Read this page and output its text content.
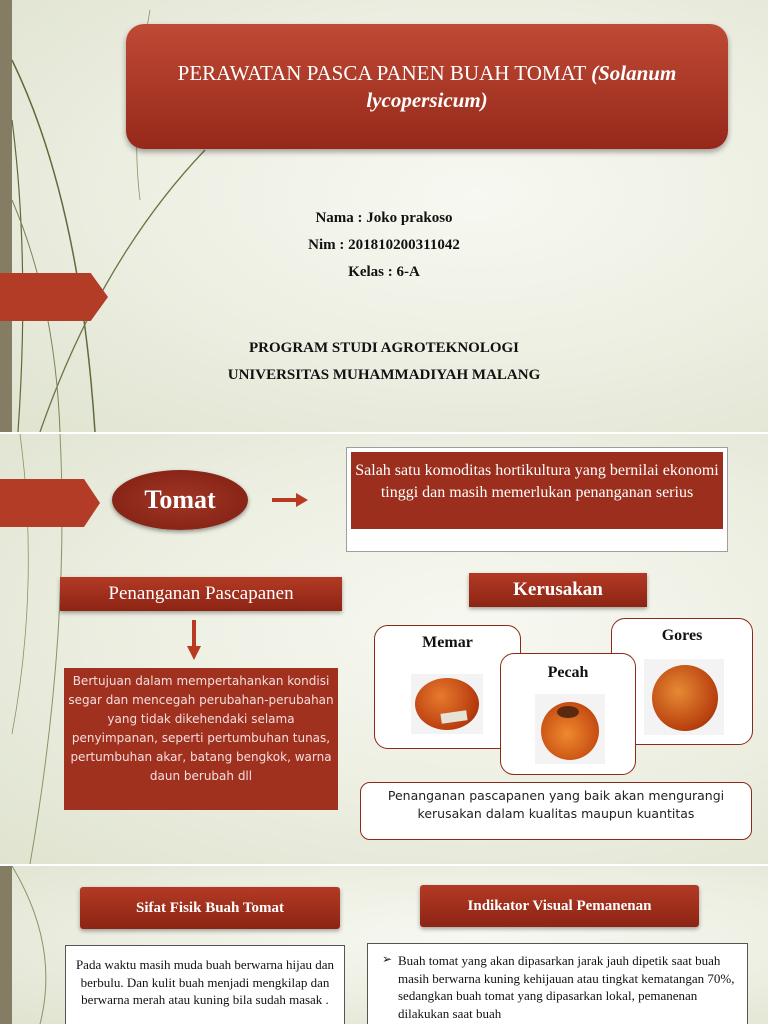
PERAWATAN PASCA PANEN BUAH TOMAT (Solanum lycopersicum)
Nama : Joko prakoso
Nim : 201810200311042
Kelas : 6-A
PROGRAM STUDI AGROTEKNOLOGI
UNIVERSITAS MUHAMMADIYAH MALANG
Tomat
Salah satu komoditas hortikultura yang bernilai ekonomi tinggi dan masih memerlukan penanganan serius
Penanganan Pascapanen	Kerusakan
Bertujuan dalam mempertahankan kondisi segar dan mencegah perubahan-perubahan yang tidak dikehendaki selama penyimpanan, seperti pertumbuhan tunas, pertumbuhan akar, batang bengkok, warna daun berubah dll
Memar	Gores
Pecah
Penanganan pascapanen yang baik akan mengurangi kerusakan dalam kualitas maupun kuantitas
Sifat Fisik Buah Tomat	Indikator Visual Pemanenan
Pada waktu masih muda buah berwarna hijau dan berbulu. Dan kulit buah menjadi mengkilap dan berwarna merah atau kuning bila sudah masak .
➢ Buah tomat yang akan dipasarkan jarak jauh dipetik saat buah masih berwarna kuning kehijauan atau tingkat kematangan 70%, sedangkan buah tomat yang dipasarkan lokal, pemanenan dilakukan saat buah
